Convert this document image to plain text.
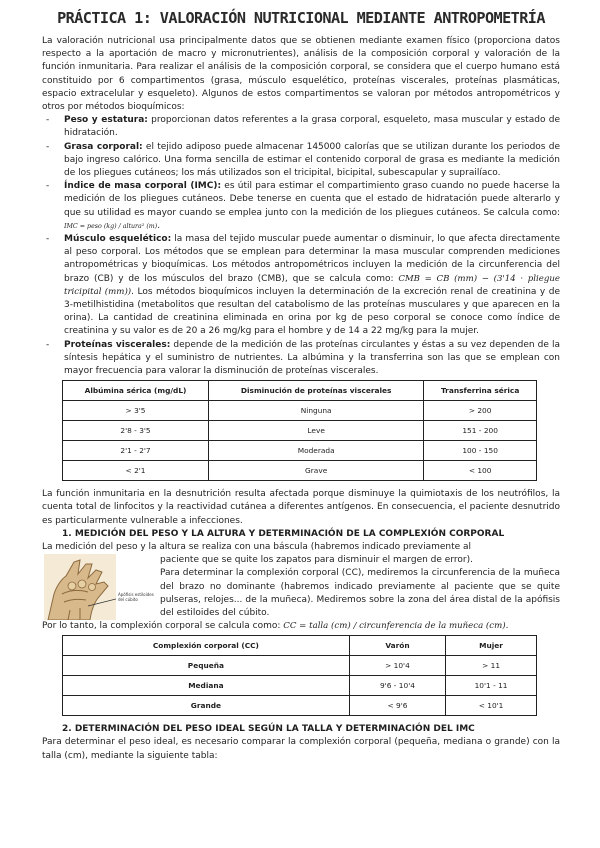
PRÁCTICA 1: VALORACIÓN NUTRICIONAL MEDIANTE ANTROPOMETRÍA

La valoración nutricional usa principalmente datos que se obtienen mediante examen físico (proporciona datos respecto a la aportación de macro y micronutrientes), análisis de la composición corporal y valoración de la función inmunitaria. Para realizar el análisis de la composición corporal, se considera que el cuerpo humano está constituido por 6 compartimentos (grasa, músculo esquelético, proteínas viscerales, proteínas plasmáticas, espacio extracelular y esqueleto). Algunos de estos compartimentos se valoran por métodos antropométricos y otros por métodos bioquímicos:

- Peso y estatura: proporcionan datos referentes a la grasa corporal, esqueleto, masa muscular y estado de hidratación.
- Grasa corporal: el tejido adiposo puede almacenar 145000 calorías que se utilizan durante los periodos de bajo ingreso calórico. Una forma sencilla de estimar el contenido corporal de grasa es mediante la medición de los pliegues cutáneos; los más utilizados son el tricipital, bicipital, subescapular y suprailíaco.
- Índice de masa corporal (IMC): es útil para estimar el compartimiento graso cuando no puede hacerse la medición de los pliegues cutáneos. Debe tenerse en cuenta que el estado de hidratación puede alterarlo y que su utilidad es mayor cuando se emplea junto con la medición de los pliegues cutáneos. Se calcula como: IMC = peso (kg) / altura² (m).
- Músculo esquelético: la masa del tejido muscular puede aumentar o disminuir, lo que afecta directamente al peso corporal. Los métodos que se emplean para determinar la masa muscular comprenden mediciones antropométricas y bioquímicas. Los métodos antropométricos incluyen la medición de la circunferencia del brazo (CB) y de los músculos del brazo (CMB), que se calcula como: CMB = CB (mm) − (3'14 · pliegue tricipital (mm)). Los métodos bioquímicos incluyen la determinación de la excreción renal de creatinina y de 3-metilhistidina (metabolitos que resultan del catabolismo de las proteínas musculares y que aparecen en la orina). La cantidad de creatinina eliminada en orina por kg de peso corporal se conoce como índice de creatinina y su valor es de 20 a 26 mg/kg para el hombre y de 14 a 22 mg/kg para la mujer.
- Proteínas viscerales: depende de la medición de las proteínas circulantes y éstas a su vez dependen de la síntesis hepática y el suministro de nutrientes. La albúmina y la transferrina son las que se emplean con mayor frecuencia para valorar la disminución de proteínas viscerales.
Albúmina sérica (mg/dL)	Disminución de proteínas viscerales	Transferrina sérica
> 3'5	Ninguna	> 200
2'8 - 3'5	Leve	151 - 200
2'1 - 2'7	Moderada	100 - 150
< 2'1	Grave	< 100

La función inmunitaria en la desnutrición resulta afectada porque disminuye la quimiotaxis de los neutrófilos, la cuenta total de linfocitos y la reactividad cutánea a diferentes antígenos. En consecuencia, el paciente desnutrido es particularmente vulnerable a infecciones.

1. MEDICIÓN DEL PESO Y LA ALTURA Y DETERMINACIÓN DE LA COMPLEXIÓN CORPORAL

La medición del peso y la altura se realiza con una báscula (habremos indicado previamente al

Apófisis estiloides del cúbito
paciente que se quite los zapatos para disminuir el margen de error).
Para determinar la complexión corporal (CC), mediremos la circunferencia de la muñeca del brazo no dominante (habremos indicado previamente al paciente que se quite pulseras, relojes... de la muñeca). Mediremos sobre la zona del área distal de la apófisis del estiloides del cúbito.

Por lo tanto, la complexión corporal se calcula como: CC = talla (cm) / circunferencia de la muñeca (cm).

Complexión corporal (CC)	Varón	Mujer
Pequeña	> 10'4	> 11
Mediana	9'6 - 10'4	10'1 - 11
Grande	< 9'6	< 10'1
2. DETERMINACIÓN DEL PESO IDEAL SEGÚN LA TALLA Y DETERMINACIÓN DEL IMC

Para determinar el peso ideal, es necesario comparar la complexión corporal (pequeña, mediana o grande) con la talla (cm), mediante la siguiente tabla:
